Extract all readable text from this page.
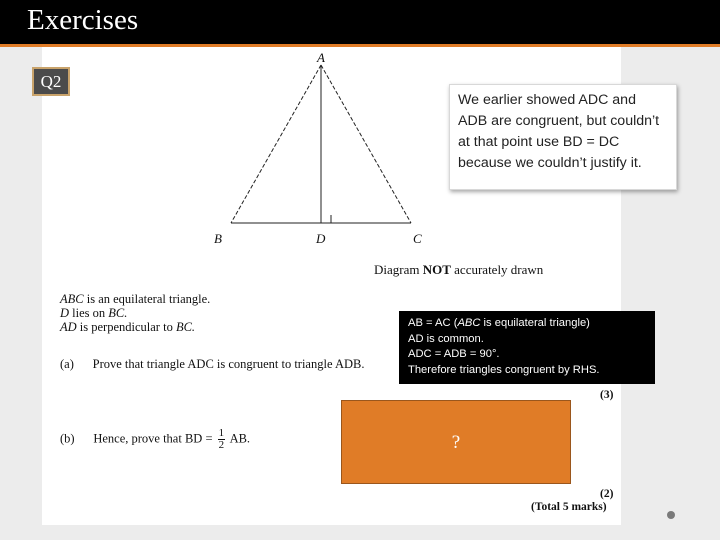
Exercises
Q2
A
B	D	C
Diagram NOT accurately drawn
We earlier showed ADC and ADB are congruent, but couldn’t at that point use BD = DC because we couldn’t justify it.
ABC is an equilateral triangle.
D lies on BC.
AD is perpendicular to BC.
(a) Prove that triangle ADC is congruent to triangle ADB.
(3)
(b) Hence, prove that BD = $\frac{1}{2}$ AB.
(2)
(Total 5 marks)
AB = AC (ABC is equilateral triangle)
AD is common.
ADC = ADB = 90°.
Therefore triangles congruent by RHS.
?
